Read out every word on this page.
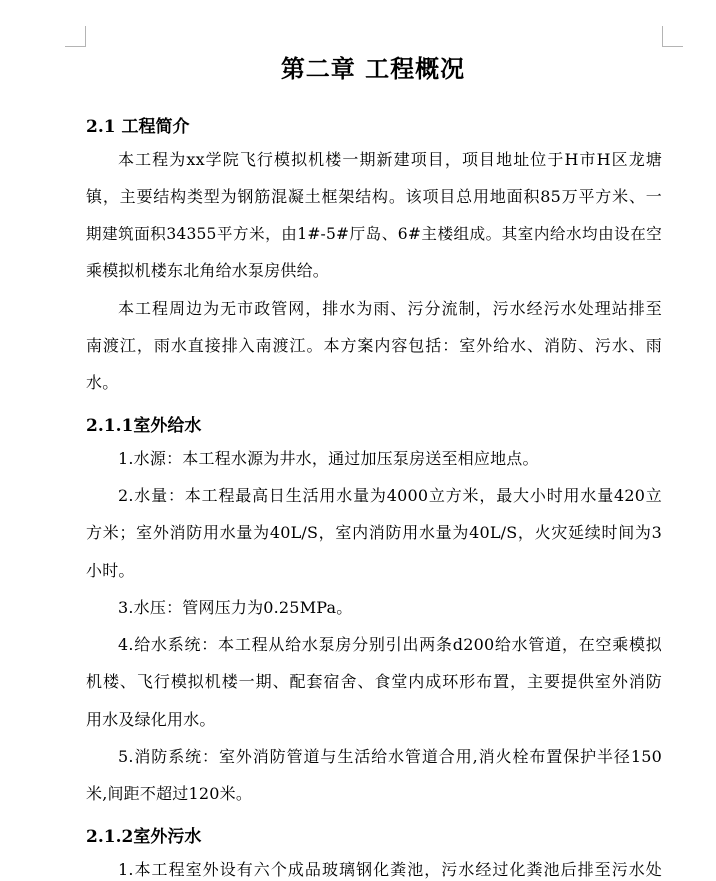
第二章 工程概况
2.1 工程简介
本工程为xx学院飞行模拟机楼一期新建项目，项目地址位于H市H区龙塘
镇，主要结构类型为钢筋混凝土框架结构。该项目总用地面积85万平方米、一
期建筑面积34355平方米，由1#-5#厅岛、6#主楼组成。其室内给水均由设在空
乘模拟机楼东北角给水泵房供给。
本工程周边为无市政管网，排水为雨、污分流制，污水经污水处理站排至
南渡江，雨水直接排入南渡江。本方案内容包括：室外给水、消防、污水、雨
水。
2.1.1室外给水
1.水源：本工程水源为井水，通过加压泵房送至相应地点。
2.水量：本工程最高日生活用水量为4000立方米，最大小时用水量420立
方米；室外消防用水量为40L/S，室内消防用水量为40L/S，火灾延续时间为3
小时。
3.水压：管网压力为0.25MPa。
4.给水系统：本工程从给水泵房分别引出两条d200给水管道，在空乘模拟
机楼、飞行模拟机楼一期、配套宿舍、食堂内成环形布置，主要提供室外消防
用水及绿化用水。
5.消防系统：室外消防管道与生活给水管道合用,消火栓布置保护半径150
米,间距不超过120米。
2.1.2室外污水
1.本工程室外设有六个成品玻璃钢化粪池，污水经过化粪池后排至污水处
